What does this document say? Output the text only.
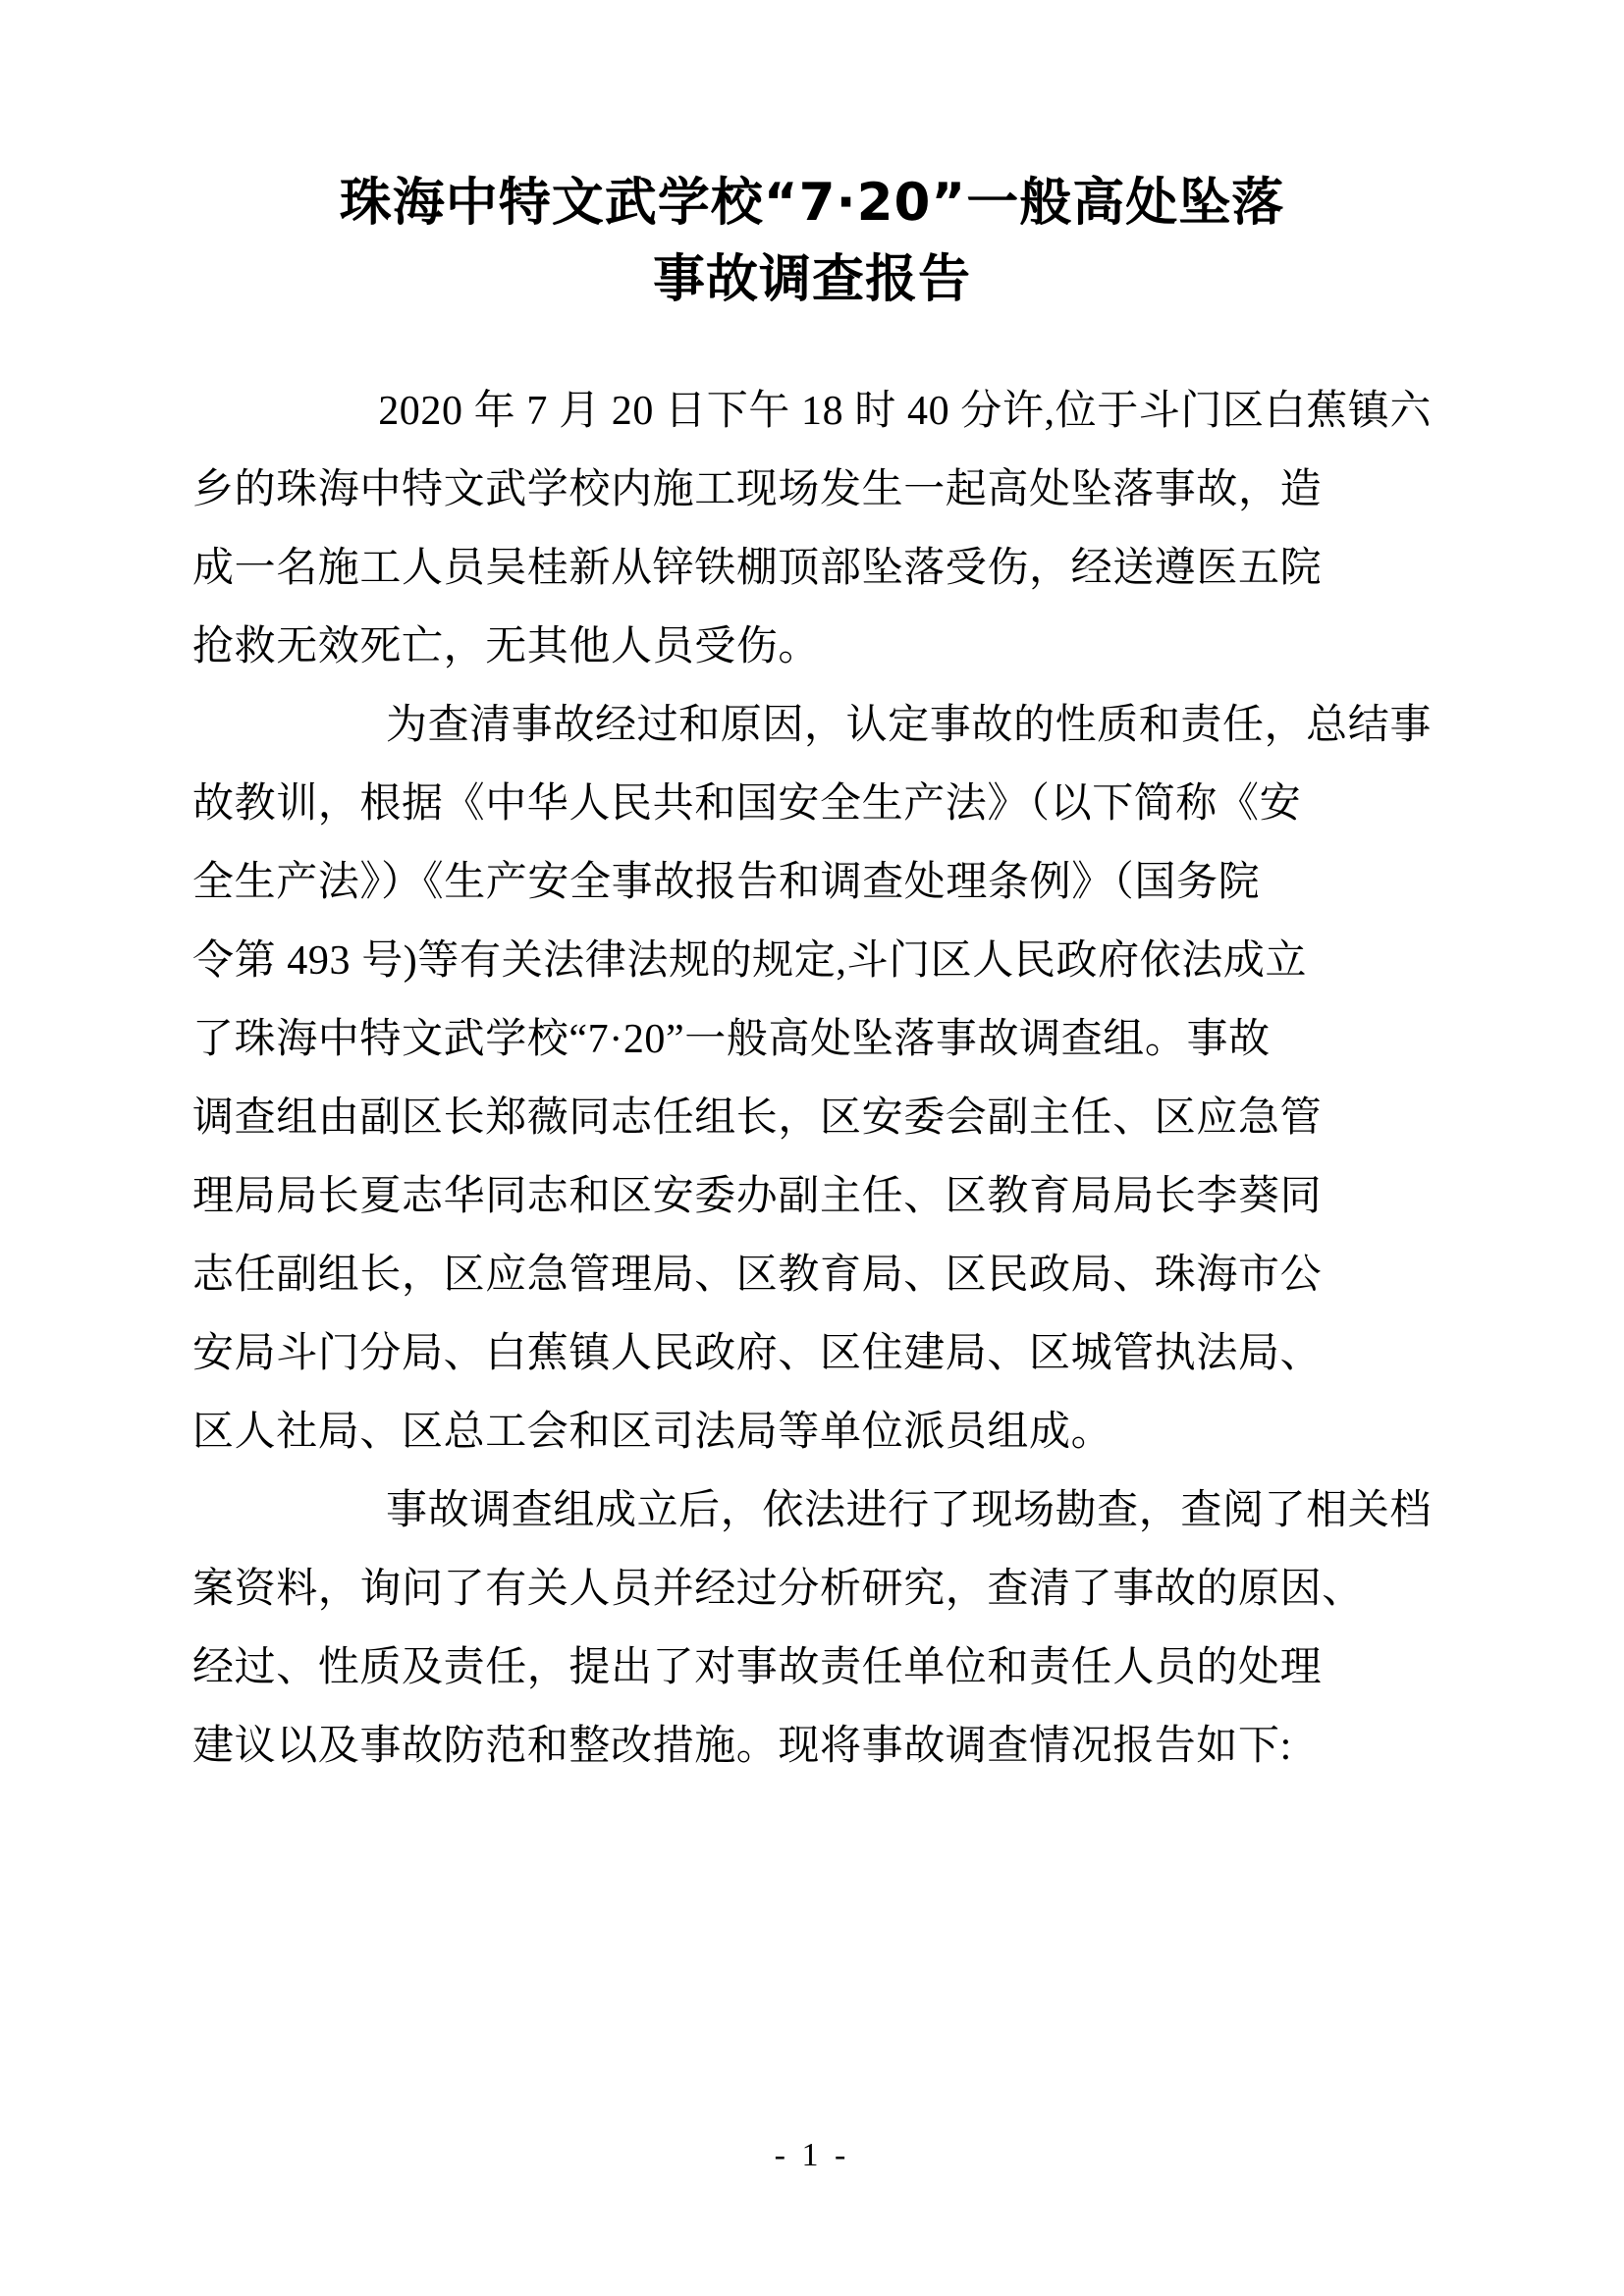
珠海中特文武学校“7·20”一般高处坠落
事故调查报告

2020 年 7 月 20 日下午 18 时 40 分许,位于斗门区白蕉镇六
乡的珠海中特文武学校内施工现场发生一起高处坠落事故，造
成一名施工人员吴桂新从锌铁棚顶部坠落受伤，经送遵医五院
抢救无效死亡，无其他人员受伤。

为查清事故经过和原因，认定事故的性质和责任，总结事
故教训，根据《中华人民共和国安全生产法》（以下简称《安
全生产法》）《生产安全事故报告和调查处理条例》（国务院
令第 493 号)等有关法律法规的规定,斗门区人民政府依法成立
了珠海中特文武学校“7·20”一般高处坠落事故调查组。事故
调查组由副区长郑薇同志任组长，区安委会副主任、区应急管
理局局长夏志华同志和区安委办副主任、区教育局局长李葵同
志任副组长，区应急管理局、区教育局、区民政局、珠海市公
安局斗门分局、白蕉镇人民政府、区住建局、区城管执法局、
区人社局、区总工会和区司法局等单位派员组成。

事故调查组成立后，依法进行了现场勘查，查阅了相关档
案资料，询问了有关人员并经过分析研究，查清了事故的原因、
经过、性质及责任，提出了对事故责任单位和责任人员的处理
建议以及事故防范和整改措施。现将事故调查情况报告如下:

- 1 -
